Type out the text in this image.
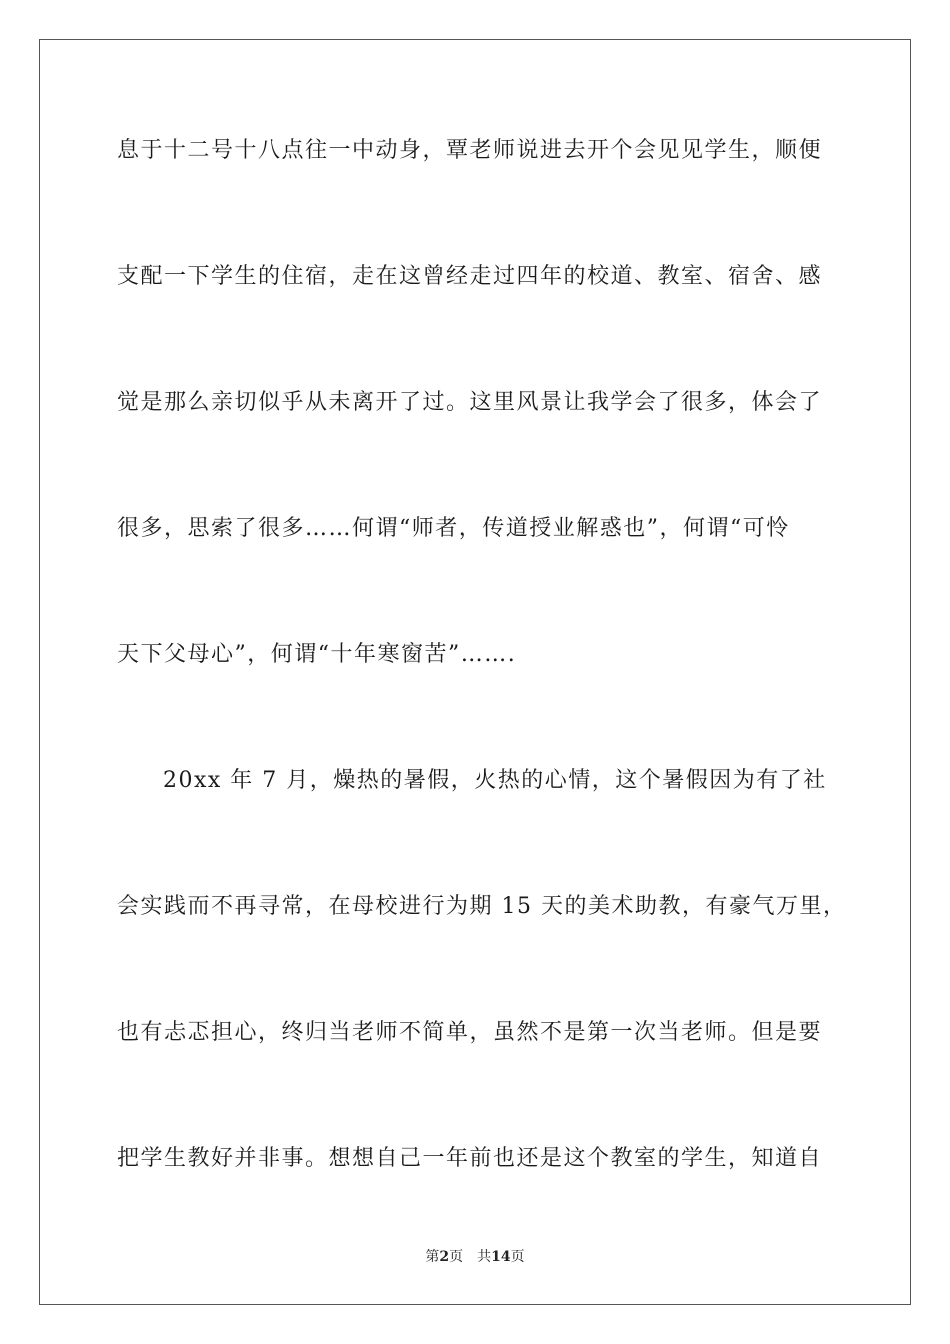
息于十二号十八点往一中动身，覃老师说进去开个会见见学生，顺便

支配一下学生的住宿，走在这曾经走过四年的校道、教室、宿舍、感

觉是那么亲切似乎从未离开了过。这里风景让我学会了很多，体会了

很多，思索了很多……何谓“师者，传道授业解惑也”，何谓“可怜

天下父母心”，何谓“十年寒窗苦”…….

20xx 年 7 月，燥热的暑假，火热的心情，这个暑假因为有了社

会实践而不再寻常，在母校进行为期 15 天的美术助教，有豪气万里，

也有忐忑担心，终归当老师不简单，虽然不是第一次当老师。但是要

把学生教好并非事。想想自己一年前也还是这个教室的学生，知道自

第2页 共14页
